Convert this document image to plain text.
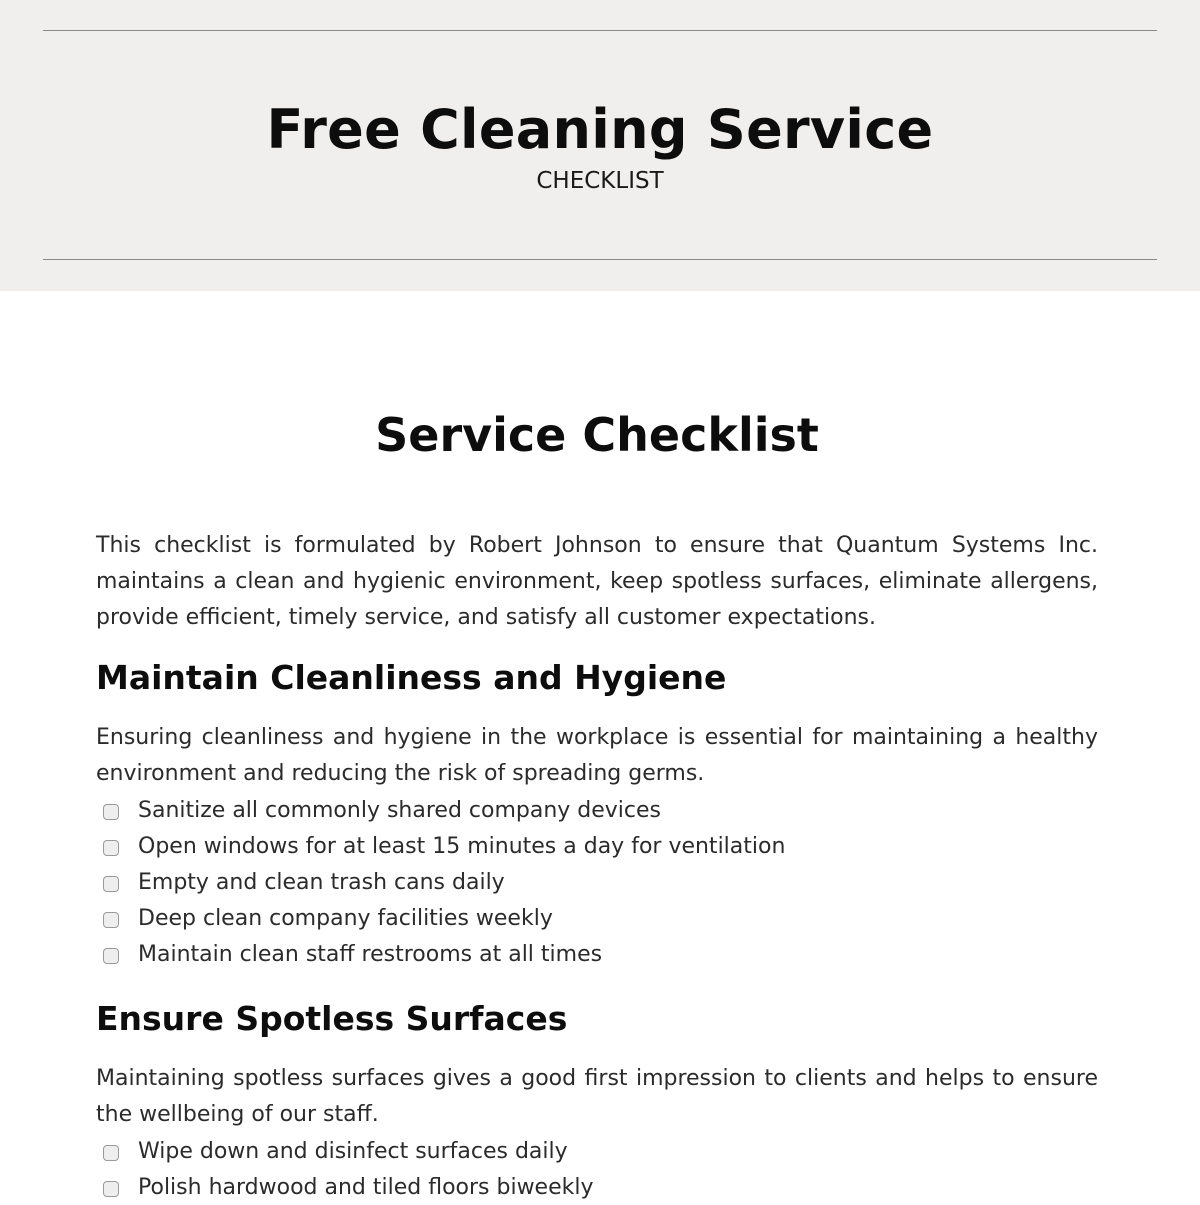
Free Cleaning Service
CHECKLIST
Service Checklist

This checklist is formulated by Robert Johnson to ensure that Quantum Systems Inc. maintains a clean and hygienic environment, keep spotless surfaces, eliminate allergens, provide efficient, timely service, and satisfy all customer expectations.

Maintain Cleanliness and Hygiene

Ensuring cleanliness and hygiene in the workplace is essential for maintaining a healthy environment and reducing the risk of spreading germs.

Sanitize all commonly shared company devices
Open windows for at least 15 minutes a day for ventilation
Empty and clean trash cans daily
Deep clean company facilities weekly
Maintain clean staff restrooms at all times
Ensure Spotless Surfaces

Maintaining spotless surfaces gives a good first impression to clients and helps to ensure the wellbeing of our staff.

Wipe down and disinfect surfaces daily
Polish hardwood and tiled floors biweekly
